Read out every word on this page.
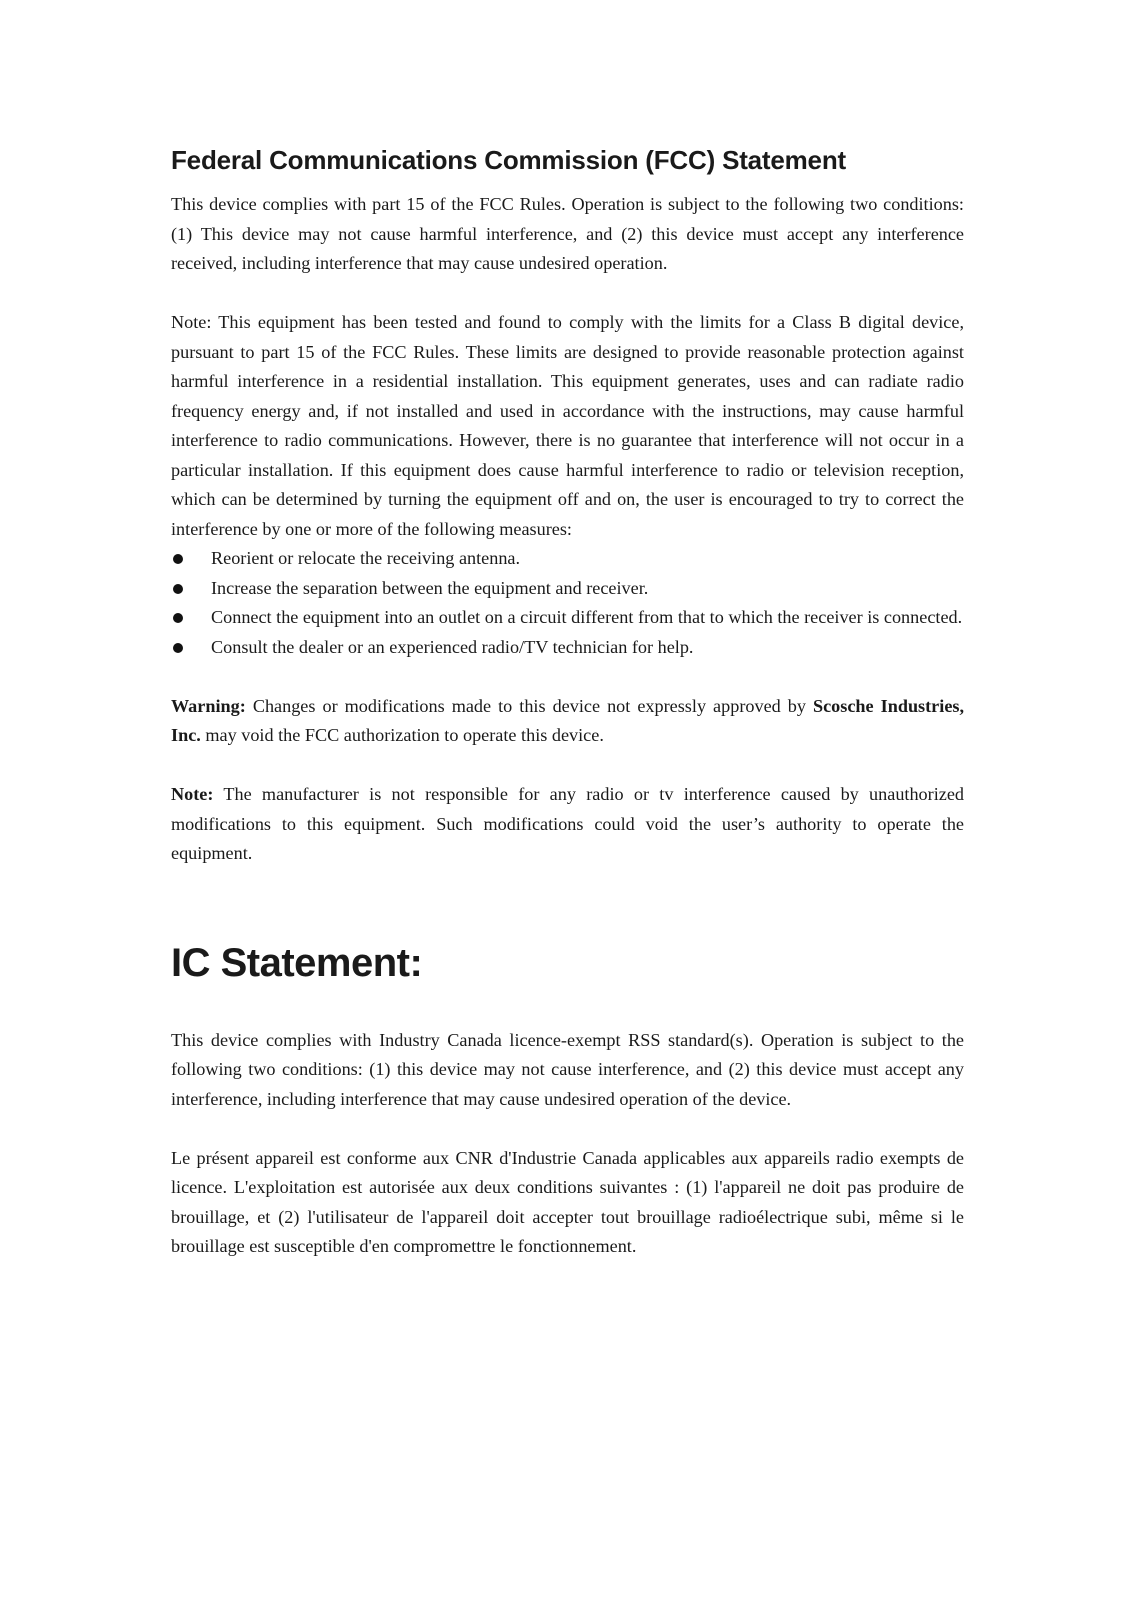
Federal Communications Commission (FCC) Statement

This device complies with part 15 of the FCC Rules. Operation is subject to the following two conditions: (1) This device may not cause harmful interference, and (2) this device must accept any interference received, including interference that may cause undesired operation.

Note: This equipment has been tested and found to comply with the limits for a Class B digital device, pursuant to part 15 of the FCC Rules. These limits are designed to provide reasonable protection against harmful interference in a residential installation. This equipment generates, uses and can radiate radio frequency energy and, if not installed and used in accordance with the instructions, may cause harmful interference to radio communications. However, there is no guarantee that interference will not occur in a particular installation. If this equipment does cause harmful interference to radio or television reception, which can be determined by turning the equipment off and on, the user is encouraged to try to correct the interference by one or more of the following measures:

Reorient or relocate the receiving antenna.
Increase the separation between the equipment and receiver.
Connect the equipment into an outlet on a circuit different from that to which the receiver is connected.
Consult the dealer or an experienced radio/TV technician for help.

Warning: Changes or modifications made to this device not expressly approved by Scosche Industries, Inc. may void the FCC authorization to operate this device.

Note: The manufacturer is not responsible for any radio or tv interference caused by unauthorized modifications to this equipment. Such modifications could void the user’s authority to operate the equipment.

IC Statement:

This device complies with Industry Canada licence-exempt RSS standard(s). Operation is subject to the following two conditions: (1) this device may not cause interference, and (2) this device must accept any interference, including interference that may cause undesired operation of the device.

Le présent appareil est conforme aux CNR d'Industrie Canada applicables aux appareils radio exempts de licence. L'exploitation est autorisée aux deux conditions suivantes : (1) l'appareil ne doit pas produire de brouillage, et (2) l'utilisateur de l'appareil doit accepter tout brouillage radioélectrique subi, même si le brouillage est susceptible d'en compromettre le fonctionnement.
